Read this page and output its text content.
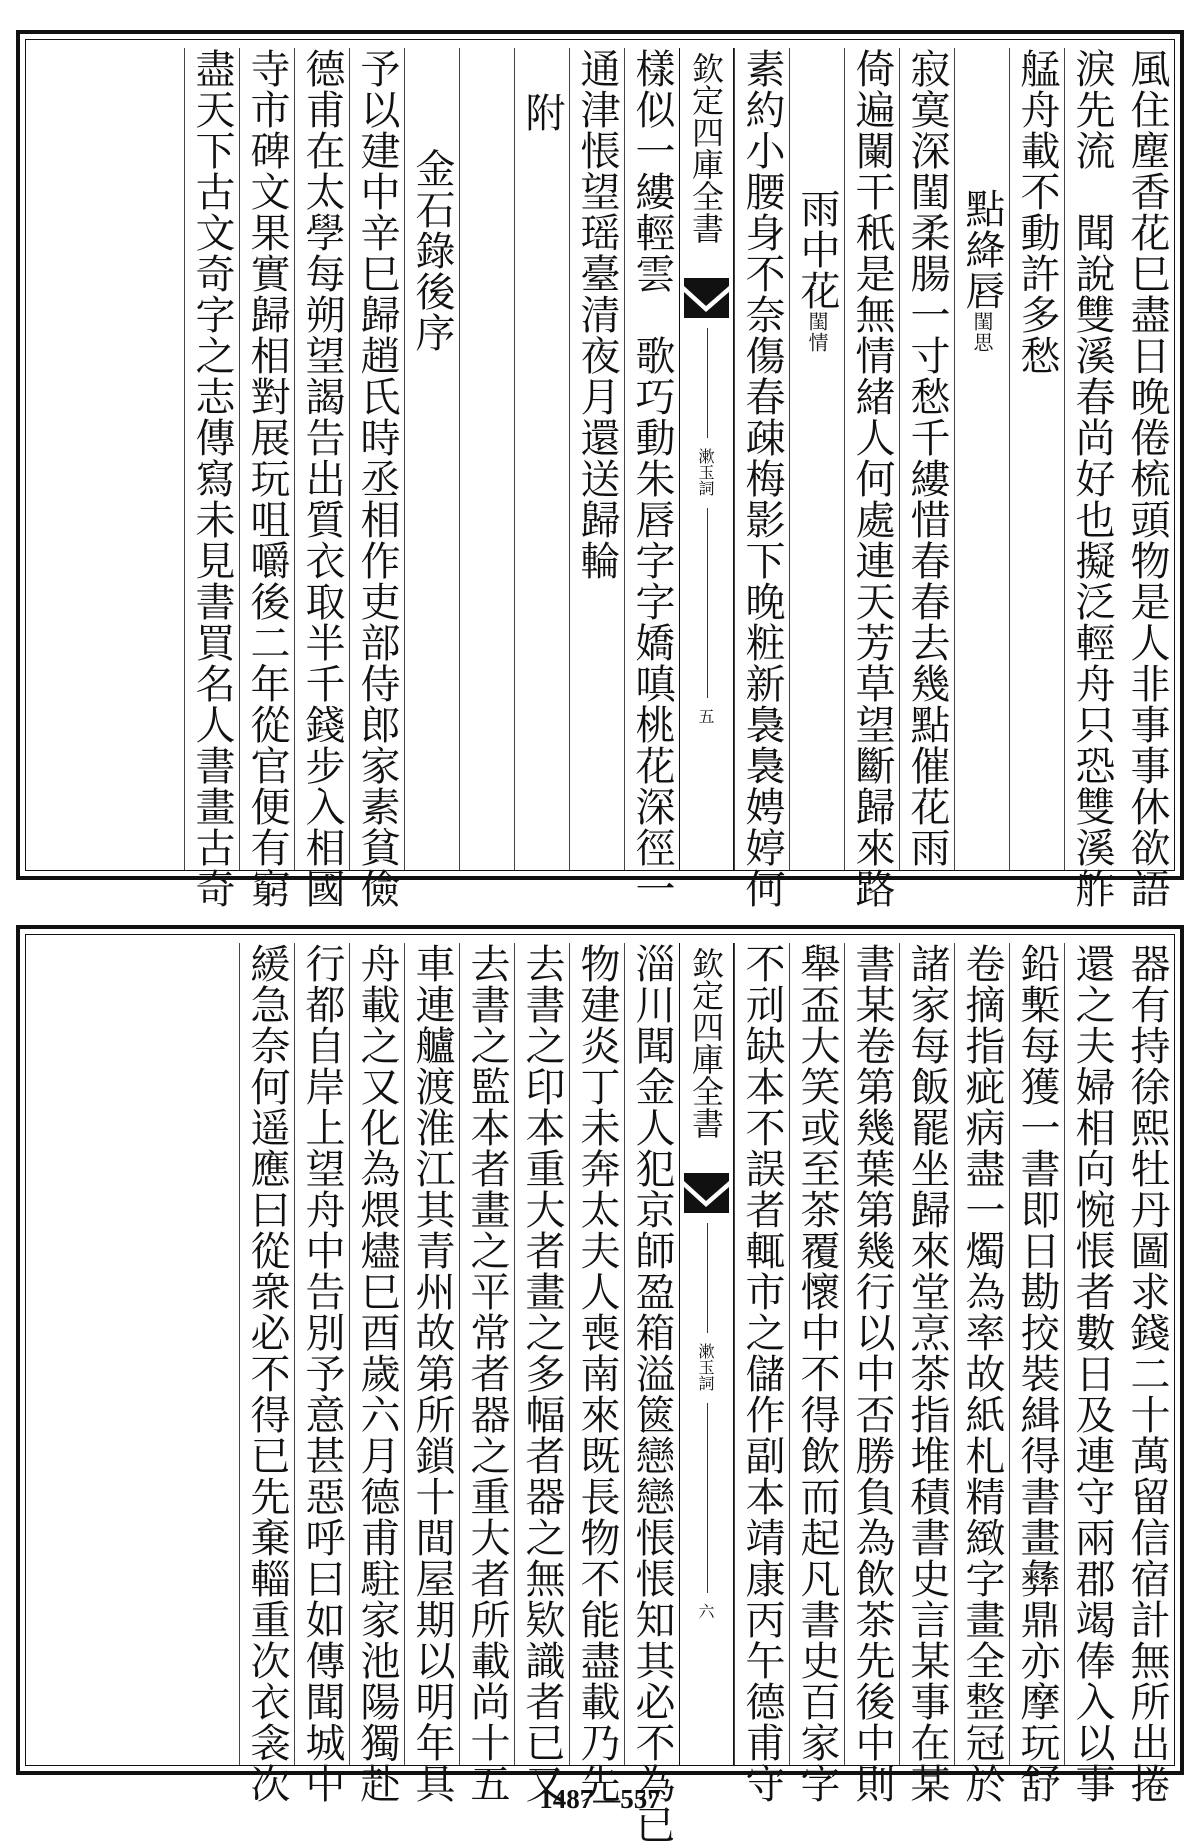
風住塵香花巳盡日晚倦梳頭物是人非事事休欲語
淚先流　聞說雙溪春尚好也擬泛輕舟只恐雙溪舴
艋舟載不動許多愁
點絳唇閨思
寂寞深閨柔腸一寸愁千縷惜春春去幾點催花雨
倚遍闌干秖是無情緒人何處連天芳草望斷歸來路
雨中花閨情
素約小腰身不奈傷春疎梅影下晚粧新裊裊娉婷何
欽定四庫全書
漱玉詞
五
樣似一縷輕雲　歌巧動朱唇字字嬌嗔桃花深徑一
通津悵望瑶臺清夜月還送歸輪
附
金石錄後序
予以建中辛巳歸趙氏時丞相作吏部侍郎家素貧儉
德甫在太學每朔望謁告出質衣取半千錢步入相國
寺市碑文果實歸相對展玩咀嚼後二年從官便有窮
盡天下古文奇字之志傳寫未見書買名人書畫古奇
器有持徐熙牡丹圖求錢二十萬留信宿計無所出捲
還之夫婦相向惋悵者數日及連守兩郡竭俸入以事
鉛槧每獲一書即日勘挍裝緝得書畫彝鼎亦摩玩舒
卷摘指疵病盡一燭為率故紙札精緻字畫全整冠於
諸家每飯罷坐歸來堂烹茶指堆積書史言某事在某
書某卷第幾葉第幾行以中否勝負為飲茶先後中則
舉盃大笑或至茶覆懷中不得飲而起凡書史百家字
不刓缺本不誤者輒市之儲作副本靖康丙午德甫守
欽定四庫全書
漱玉詞
六
淄川聞金人犯京師盈箱溢篋戀戀悵悵知其必不為已
物建炎丁未奔太夫人喪南來既長物不能盡載乃先
去書之印本重大者畫之多幅者器之無欵識者已又
去書之監本者畫之平常者器之重大者所載尚十五
車連艫渡淮江其青州故第所鎖十間屋期以明年具
舟載之又化為煨燼巳酉歲六月德甫駐家池陽獨赴
行都自岸上望舟中告別予意甚惡呼曰如傳聞城中
緩急奈何遥應曰從衆必不得已先棄輜重次衣衾次	1487—557
